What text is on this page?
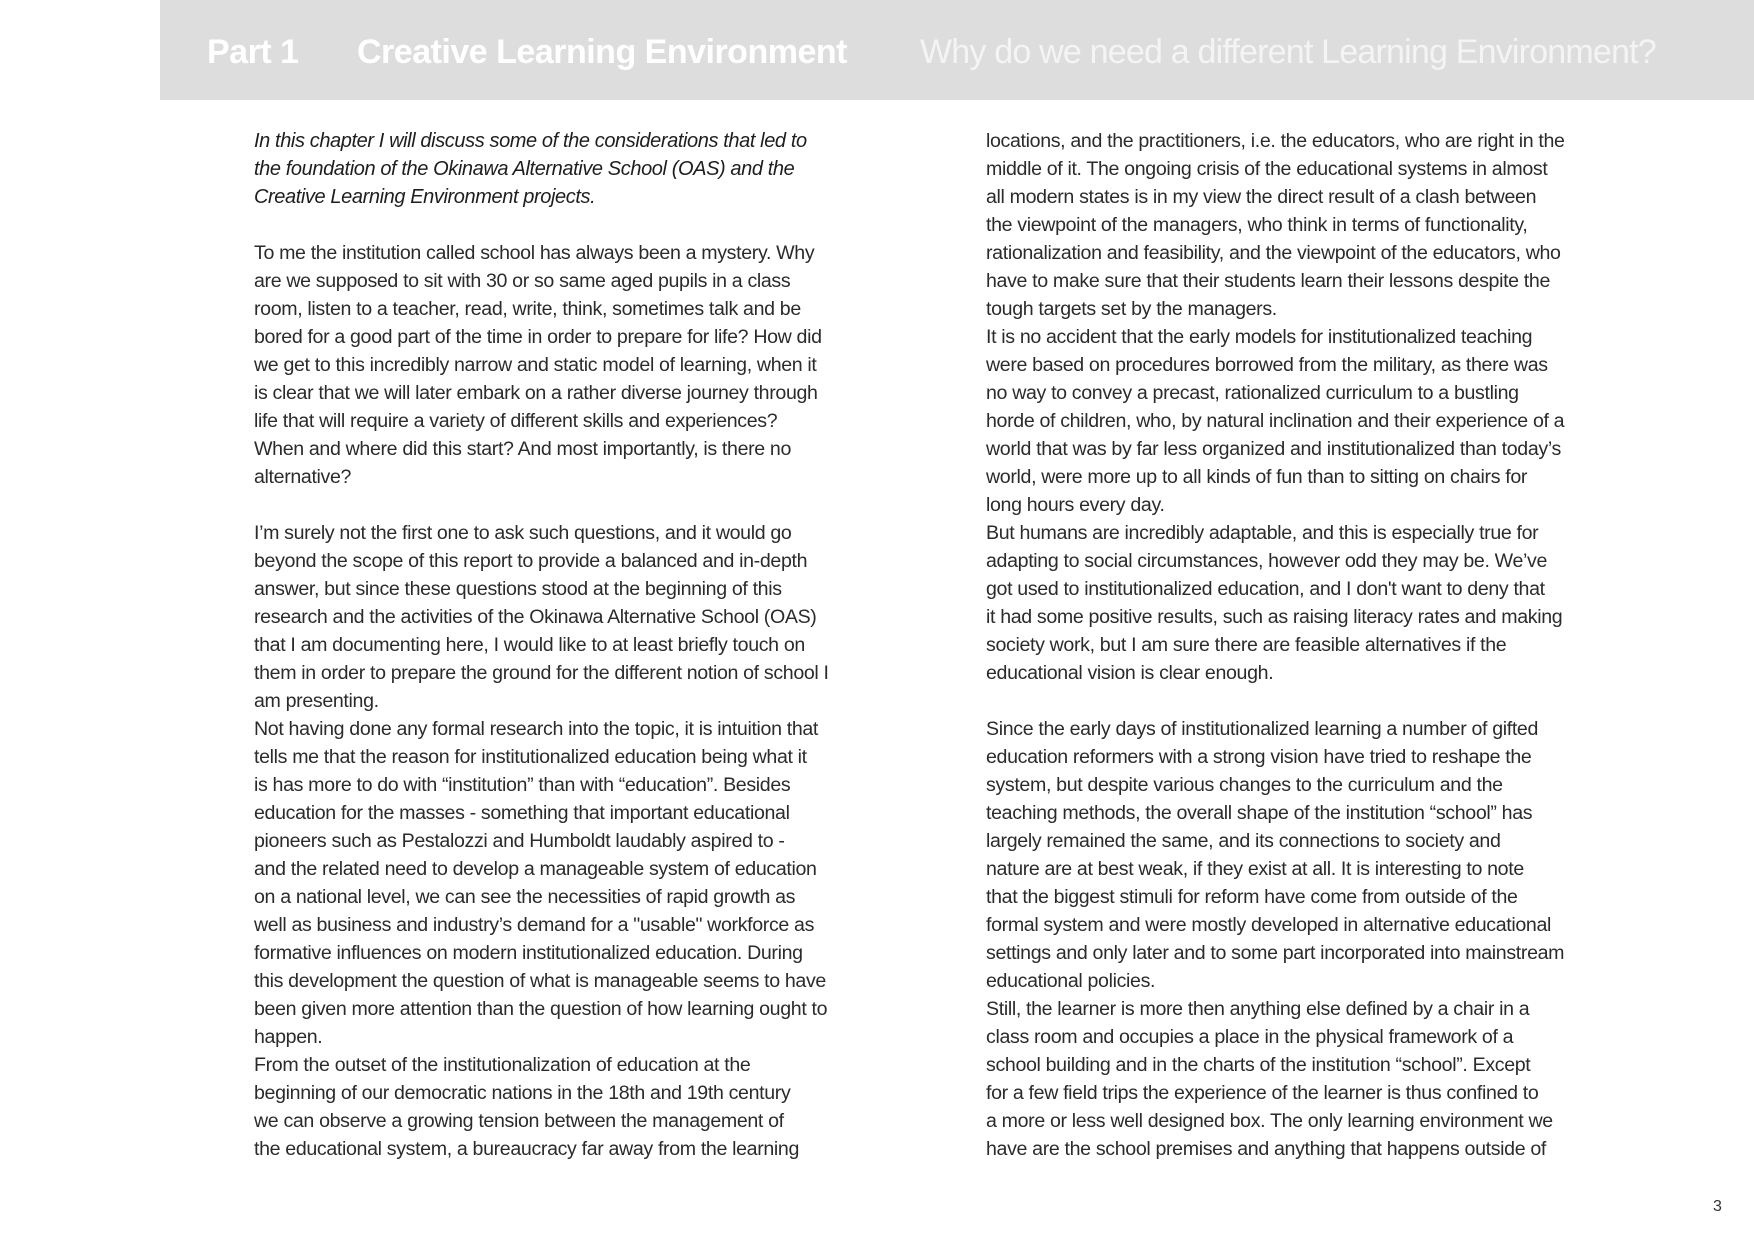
Part 1 Creative Learning Environment Why do we need a different Learning Environment?
In this chapter I will discuss some of the considerations that led to
the foundation of the Okinawa Alternative School (OAS) and the
Creative Learning Environment projects.
To me the institution called school has always been a mystery. Why
are we supposed to sit with 30 or so same aged pupils in a class
room, listen to a teacher, read, write, think, sometimes talk and be
bored for a good part of the time in order to prepare for life? How did
we get to this incredibly narrow and static model of learning, when it
is clear that we will later embark on a rather diverse journey through
life that will require a variety of different skills and experiences?
When and where did this start? And most importantly, is there no
alternative?
I’m surely not the first one to ask such questions, and it would go
beyond the scope of this report to provide a balanced and in-depth
answer, but since these questions stood at the beginning of this
research and the activities of the Okinawa Alternative School (OAS)
that I am documenting here, I would like to at least briefly touch on
them in order to prepare the ground for the different notion of school I
am presenting.
Not having done any formal research into the topic, it is intuition that
tells me that the reason for institutionalized education being what it
is has more to do with “institution” than with “education”. Besides
education for the masses - something that important educational
pioneers such as Pestalozzi and Humboldt laudably aspired to -
and the related need to develop a manageable system of education
on a national level, we can see the necessities of rapid growth as
well as business and industry’s demand for a "usable" workforce as
formative influences on modern institutionalized education. During
this development the question of what is manageable seems to have
been given more attention than the question of how learning ought to
happen.
From the outset of the institutionalization of education at the
beginning of our democratic nations in the 18th and 19th century
we can observe a growing tension between the management of
the educational system, a bureaucracy far away from the learning
locations, and the practitioners, i.e. the educators, who are right in the
middle of it. The ongoing crisis of the educational systems in almost
all modern states is in my view the direct result of a clash between
the viewpoint of the managers, who think in terms of functionality,
rationalization and feasibility, and the viewpoint of the educators, who
have to make sure that their students learn their lessons despite the
tough targets set by the managers.
It is no accident that the early models for institutionalized teaching
were based on procedures borrowed from the military, as there was
no way to convey a precast, rationalized curriculum to a bustling
horde of children, who, by natural inclination and their experience of a
world that was by far less organized and institutionalized than today’s
world, were more up to all kinds of fun than to sitting on chairs for
long hours every day.
But humans are incredibly adaptable, and this is especially true for
adapting to social circumstances, however odd they may be. We’ve
got used to institutionalized education, and I don't want to deny that
it had some positive results, such as raising literacy rates and making
society work, but I am sure there are feasible alternatives if the
educational vision is clear enough.
Since the early days of institutionalized learning a number of gifted
education reformers with a strong vision have tried to reshape the
system, but despite various changes to the curriculum and the
teaching methods, the overall shape of the institution “school” has
largely remained the same, and its connections to society and
nature are at best weak, if they exist at all. It is interesting to note
that the biggest stimuli for reform have come from outside of the
formal system and were mostly developed in alternative educational
settings and only later and to some part incorporated into mainstream
educational policies.
Still, the learner is more then anything else defined by a chair in a
class room and occupies a place in the physical framework of a
school building and in the charts of the institution “school”. Except
for a few field trips the experience of the learner is thus confined to
a more or less well designed box. The only learning environment we
have are the school premises and anything that happens outside of
3
